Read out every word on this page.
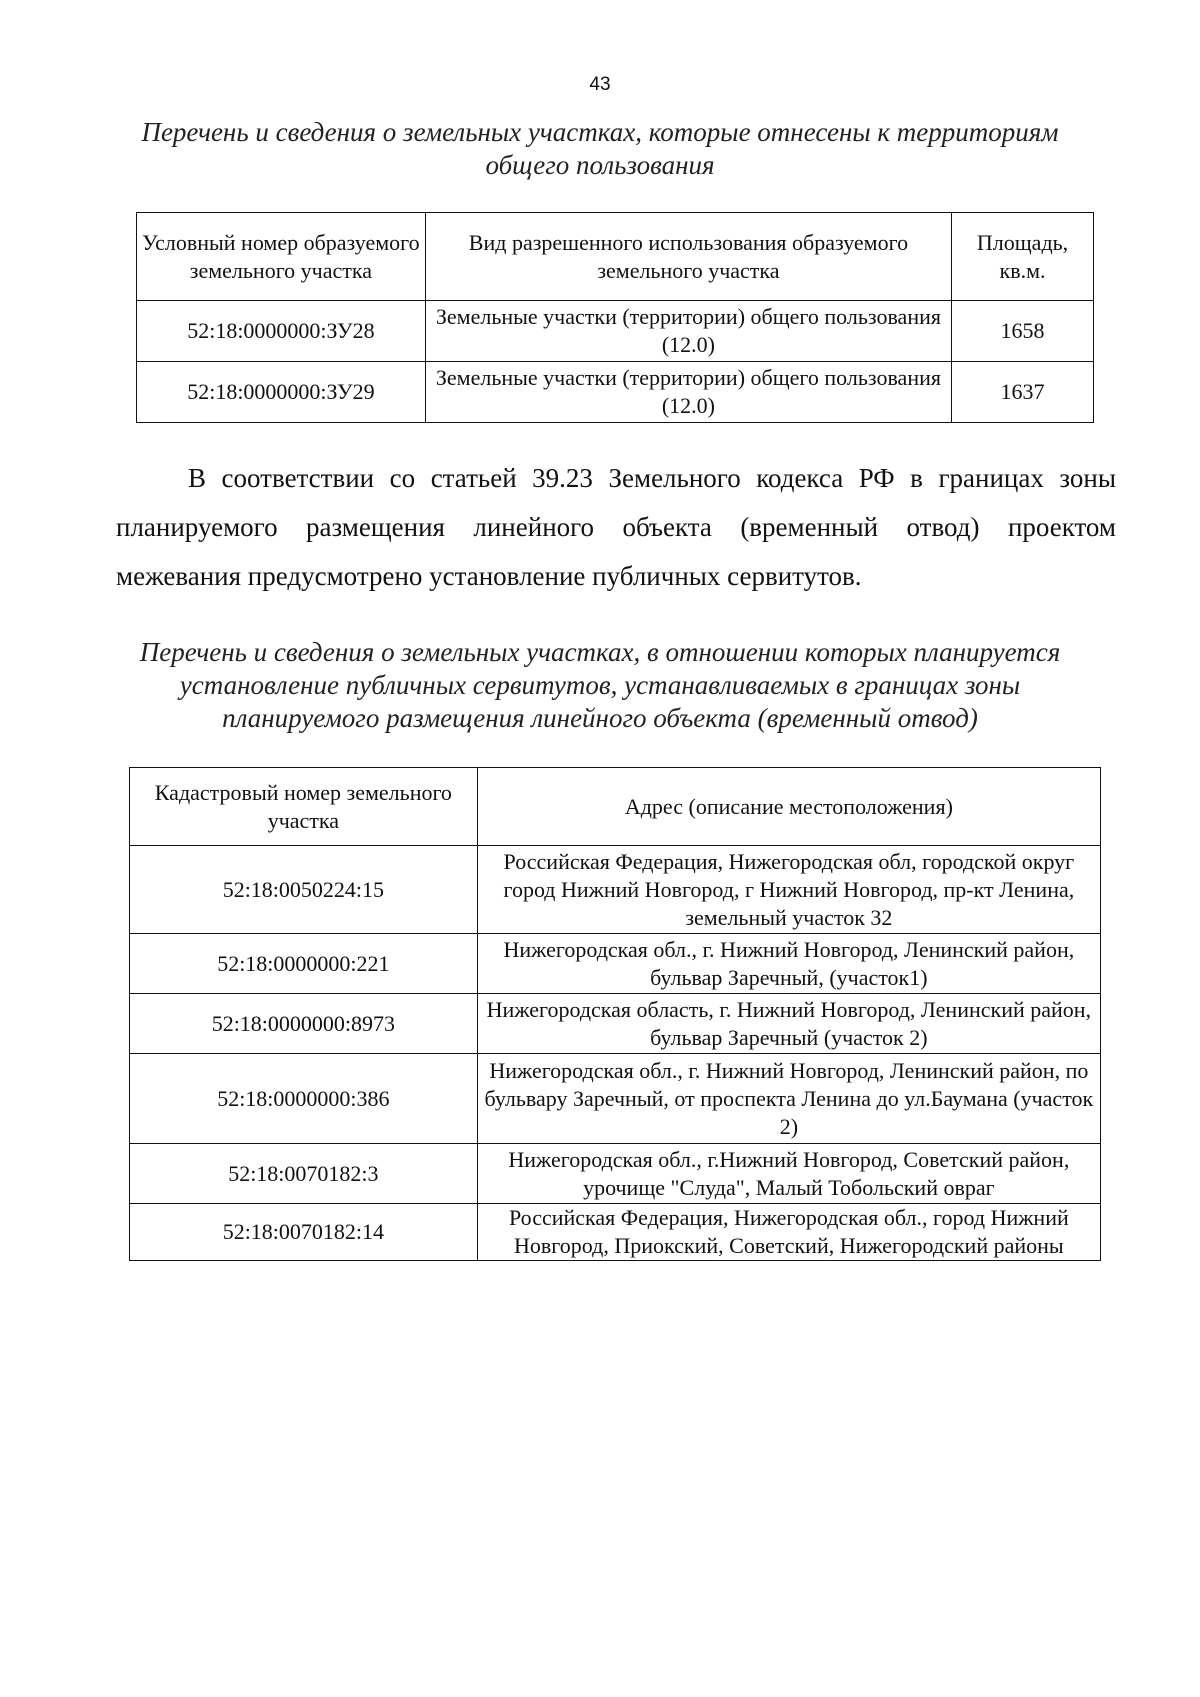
43
Перечень и сведения о земельных участках, которые отнесены к территориям общего пользования
Условный номер образуемого земельного участка	Вид разрешенного использования образуемого земельного участка	Площадь, кв.м.
52:18:0000000:ЗУ28	Земельные участки (территории) общего пользования (12.0)	1658
52:18:0000000:ЗУ29	Земельные участки (территории) общего пользования (12.0)	1637

В соответствии со статьей 39.23 Земельного кодекса РФ в границах зоны планируемого размещения линейного объекта (временный отвод) проектом межевания предусмотрено установление публичных сервитутов.

Перечень и сведения о земельных участках, в отношении которых планируется установление публичных сервитутов, устанавливаемых в границах зоны планируемого размещения линейного объекта (временный отвод)
Кадастровый номер земельного участка	Адрес (описание местоположения)
52:18:0050224:15	Российская Федерация, Нижегородская обл, городской округ город Нижний Новгород, г Нижний Новгород, пр-кт Ленина, земельный участок 32
52:18:0000000:221	Нижегородская обл., г. Нижний Новгород, Ленинский район, бульвар Заречный, (участок1)
52:18:0000000:8973	Нижегородская область, г. Нижний Новгород, Ленинский район, бульвар Заречный (участок 2)
52:18:0000000:386	Нижегородская обл., г. Нижний Новгород, Ленинский район, по бульвару Заречный, от проспекта Ленина до ул.Баумана (участок 2)
52:18:0070182:3	Нижегородская обл., г.Нижний Новгород, Советский район, урочище "Слуда", Малый Тобольский овраг
52:18:0070182:14	Российская Федерация, Нижегородская обл., город Нижний Новгород, Приокский, Советский, Нижегородский районы
